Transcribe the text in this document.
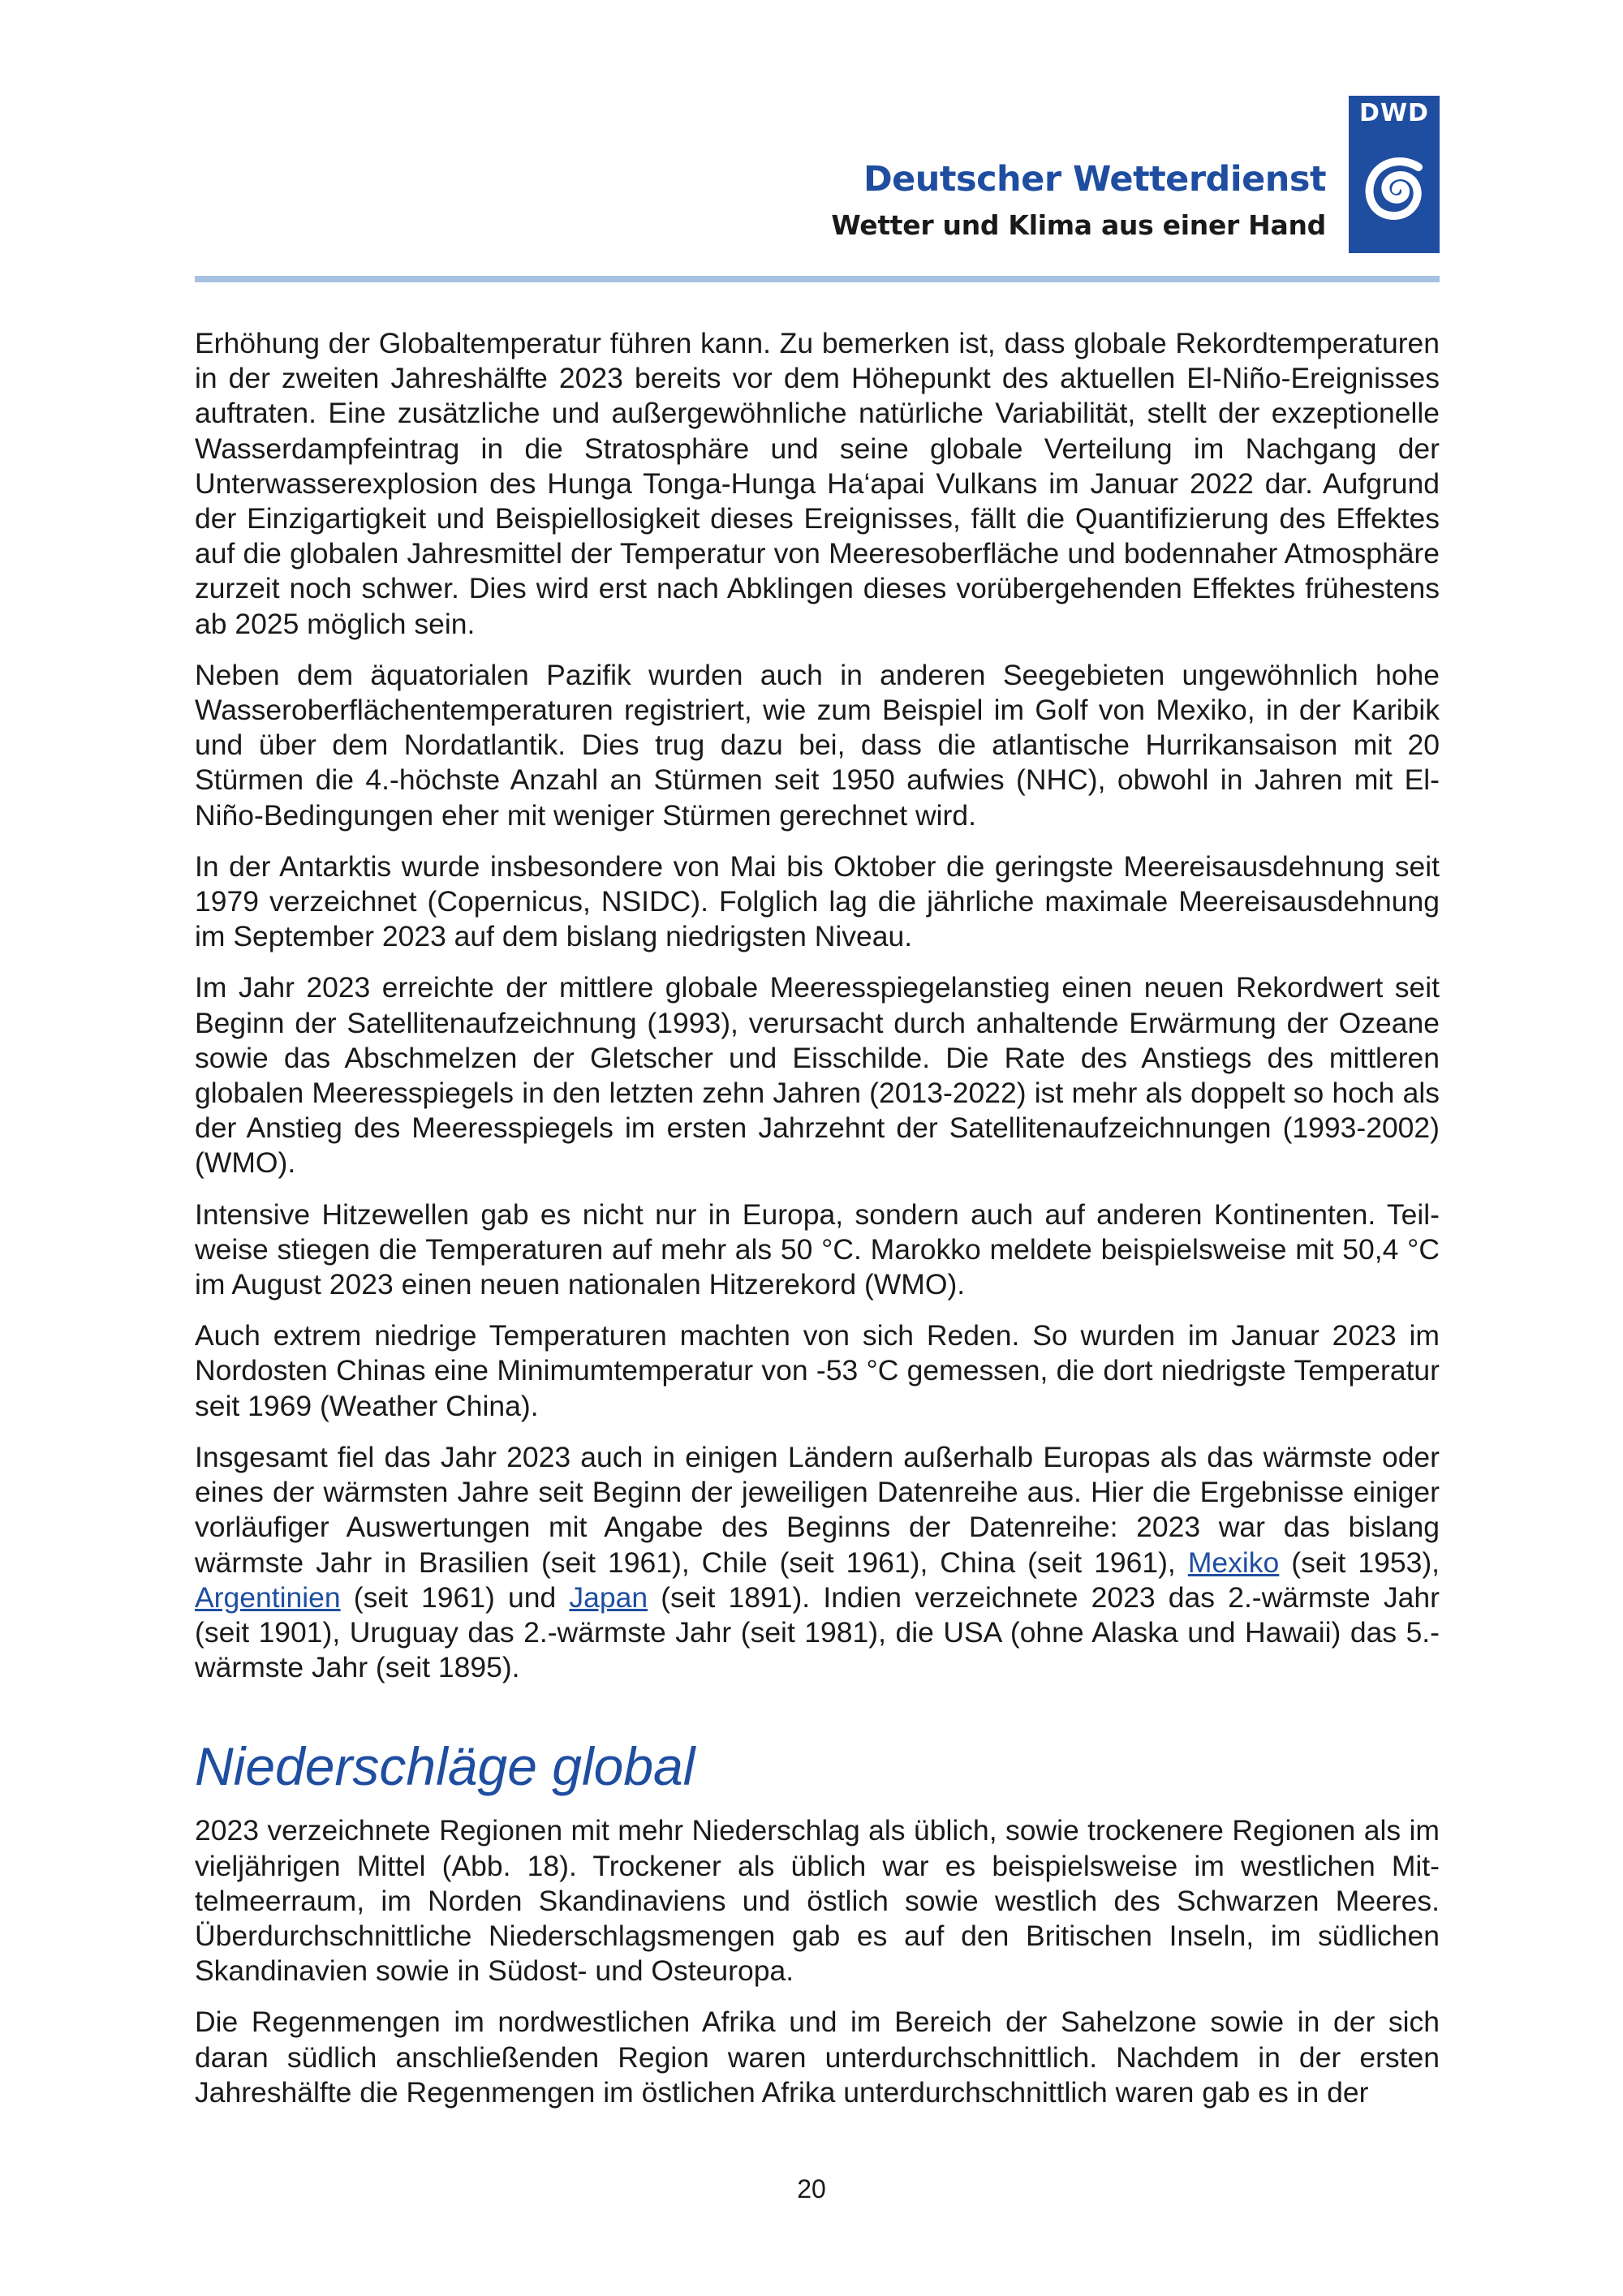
Deutscher Wetterdienst
Wetter und Klima aus einer Hand
DWD

Erhöhung der Globaltemperatur führen kann. Zu bemerken ist, dass globale Rekordtemperaturen in der zweiten Jahreshälfte 2023 bereits vor dem Höhepunkt des aktuellen El-Niño-Ereignisses auftraten. Eine zusätzliche und außergewöhnliche natürliche Variabilität, stellt der exzeptionelle Wasserdampfeintrag in die Stratosphäre und seine globale Verteilung im Nachgang der Unterwasserexplosion des Hunga Tonga-Hunga Ha‘apai Vulkans im Januar 2022 dar. Aufgrund der Einzigartigkeit und Beispiellosigkeit dieses Ereignisses, fällt die Quantifizierung des Effektes auf die globalen Jahresmittel der Temperatur von Meeresoberfläche und bodennaher Atmosphäre zurzeit noch schwer. Dies wird erst nach Abklingen dieses vorübergehenden Effektes frühestens ab 2025 möglich sein.

Neben dem äquatorialen Pazifik wurden auch in anderen Seegebieten ungewöhnlich hohe Wasseroberflächentemperaturen registriert, wie zum Beispiel im Golf von Mexiko, in der Karibik und über dem Nordatlantik. Dies trug dazu bei, dass die atlantische Hurrikansaison mit 20 Stürmen die 4.-höchste Anzahl an Stürmen seit 1950 aufwies (NHC), obwohl in Jahren mit El-Niño-Bedingungen eher mit weniger Stürmen gerechnet wird.

In der Antarktis wurde insbesondere von Mai bis Oktober die geringste Meereisausdehnung seit 1979 verzeichnet (Copernicus, NSIDC). Folglich lag die jährliche maximale Meereisausdehnung im September 2023 auf dem bislang niedrigsten Niveau.

Im Jahr 2023 erreichte der mittlere globale Meeresspiegelanstieg einen neuen Rekordwert seit Beginn der Satellitenaufzeichnung (1993), verursacht durch anhaltende Erwärmung der Ozeane sowie das Abschmelzen der Gletscher und Eisschilde. Die Rate des Anstiegs des mittleren globalen Meeresspiegels in den letzten zehn Jahren (2013-2022) ist mehr als doppelt so hoch als der Anstieg des Meeresspiegels im ersten Jahrzehnt der Satellitenaufzeichnungen (1993-2002) (WMO).

Intensive Hitzewellen gab es nicht nur in Europa, sondern auch auf anderen Kontinenten. Teilweise stiegen die Temperaturen auf mehr als 50 °C. Marokko meldete beispielsweise mit 50,4 °C im August 2023 einen neuen nationalen Hitzerekord (WMO).

Auch extrem niedrige Temperaturen machten von sich Reden. So wurden im Januar 2023 im Nordosten Chinas eine Minimumtemperatur von -53 °C gemessen, die dort niedrigste Temperatur seit 1969 (Weather China).

Insgesamt fiel das Jahr 2023 auch in einigen Ländern außerhalb Europas als das wärmste oder eines der wärmsten Jahre seit Beginn der jeweiligen Datenreihe aus. Hier die Ergebnisse einiger vorläufiger Auswertungen mit Angabe des Beginns der Datenreihe: 2023 war das bislang wärmste Jahr in Brasilien (seit 1961), Chile (seit 1961), China (seit 1961), Mexiko (seit 1953), Argentinien (seit 1961) und Japan (seit 1891). Indien verzeichnete 2023 das 2.-wärmste Jahr (seit 1901), Uruguay das 2.-wärmste Jahr (seit 1981), die USA (ohne Alaska und Hawaii) das 5.-wärmste Jahr (seit 1895).

Niederschläge global

2023 verzeichnete Regionen mit mehr Niederschlag als üblich, sowie trockenere Regionen als im vieljährigen Mittel (Abb. 18). Trockener als üblich war es beispielsweise im westlichen Mittelmeerraum, im Norden Skandinaviens und östlich sowie westlich des Schwarzen Meeres. Überdurchschnittliche Niederschlagsmengen gab es auf den Britischen Inseln, im südlichen Skandinavien sowie in Südost- und Osteuropa.

Die Regenmengen im nordwestlichen Afrika und im Bereich der Sahelzone sowie in der sich daran südlich anschließenden Region waren unterdurchschnittlich. Nachdem in der ersten Jahreshälfte die Regenmengen im östlichen Afrika unterdurchschnittlich waren gab es in der

20
